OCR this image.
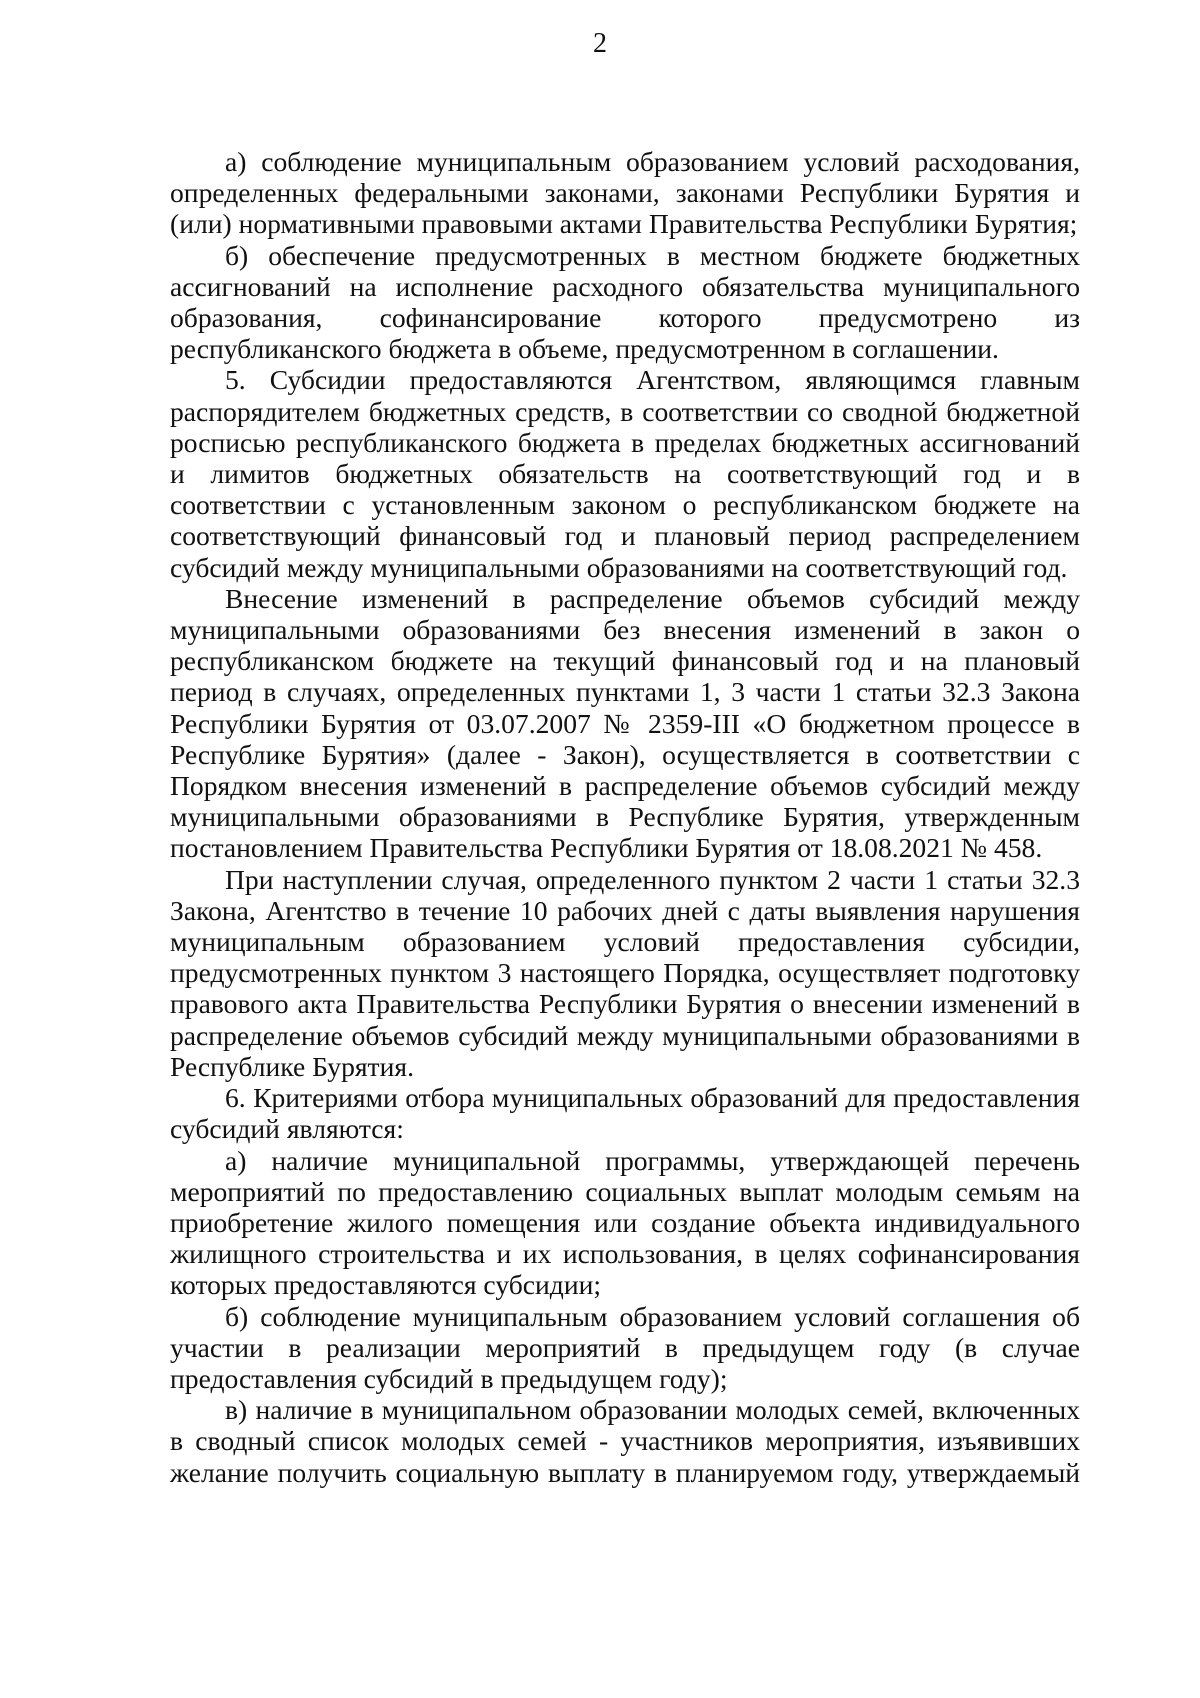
2

а) соблюдение муниципальным образованием условий расходования, определенных федеральными законами, законами Республики Бурятия и (или) нормативными правовыми актами Правительства Республики Бурятия;

б) обеспечение предусмотренных в местном бюджете бюджетных ассигнований на исполнение расходного обязательства муниципального образования, софинансирование которого предусмотрено из республиканского бюджета в объеме, предусмотренном в соглашении.

5. Субсидии предоставляются Агентством, являющимся главным распорядителем бюджетных средств, в соответствии со сводной бюджетной росписью республиканского бюджета в пределах бюджетных ассигнований и лимитов бюджетных обязательств на соответствующий год и в соответствии с установленным законом о республиканском бюджете на соответствующий финансовый год и плановый период распределением субсидий между муниципальными образованиями на соответствующий год.

Внесение изменений в распределение объемов субсидий между муниципальными образованиями без внесения изменений в закон о республиканском бюджете на текущий финансовый год и на плановый период в случаях, определенных пунктами 1, 3 части 1 статьи 32.3 Закона Республики Бурятия от 03.07.2007 № 2359-III «О бюджетном процессе в Республике Бурятия» (далее - Закон), осуществляется в соответствии с Порядком внесения изменений в распределение объемов субсидий между муниципальными образованиями в Республике Бурятия, утвержденным постановлением Правительства Республики Бурятия от 18.08.2021 № 458.

При наступлении случая, определенного пунктом 2 части 1 статьи 32.3 Закона, Агентство в течение 10 рабочих дней с даты выявления нарушения муниципальным образованием условий предоставления субсидии, предусмотренных пунктом 3 настоящего Порядка, осуществляет подготовку правового акта Правительства Республики Бурятия о внесении изменений в распределение объемов субсидий между муниципальными образованиями в Республике Бурятия.

6. Критериями отбора муниципальных образований для предоставления субсидий являются:

а) наличие муниципальной программы, утверждающей перечень мероприятий по предоставлению социальных выплат молодым семьям на приобретение жилого помещения или создание объекта индивидуального жилищного строительства и их использования, в целях софинансирования которых предоставляются субсидии;

б) соблюдение муниципальным образованием условий соглашения об участии в реализации мероприятий в предыдущем году (в случае предоставления субсидий в предыдущем году);

в) наличие в муниципальном образовании молодых семей, включенных в сводный список молодых семей - участников мероприятия, изъявивших желание получить социальную выплату в планируемом году, утверждаемый
